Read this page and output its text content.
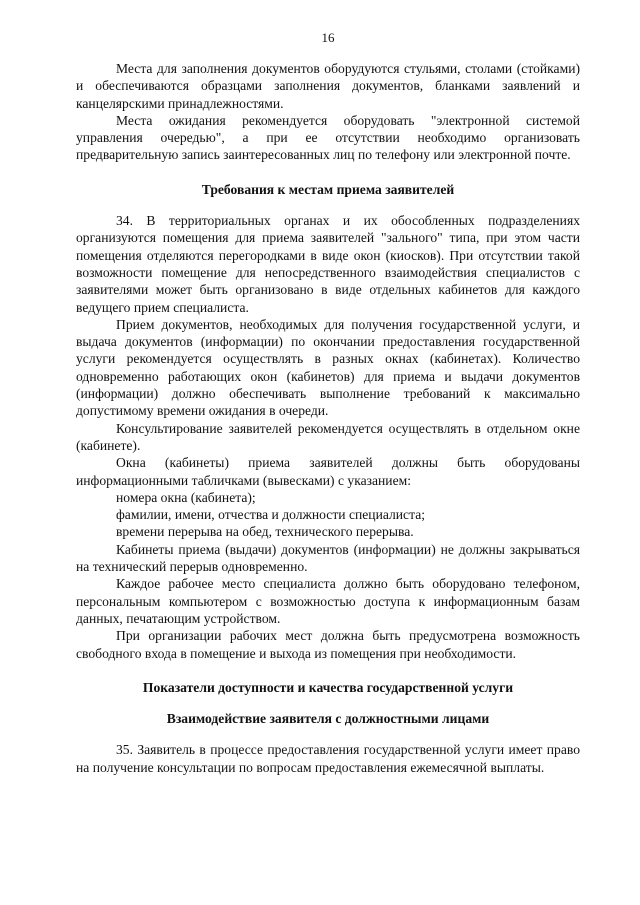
16

Места для заполнения документов оборудуются стульями, столами (стойками) и обеспечиваются образцами заполнения документов, бланками заявлений и канцелярскими принадлежностями.

Места ожидания рекомендуется оборудовать "электронной системой управления очередью", а при ее отсутствии необходимо организовать предварительную запись заинтересованных лиц по телефону или электронной почте.

Требования к местам приема заявителей

34. В территориальных органах и их обособленных подразделениях организуются помещения для приема заявителей "зального" типа, при этом части помещения отделяются перегородками в виде окон (киосков). При отсутствии такой возможности помещение для непосредственного взаимодействия специалистов с заявителями может быть организовано в виде отдельных кабинетов для каждого ведущего прием специалиста.

Прием документов, необходимых для получения государственной услуги, и выдача документов (информации) по окончании предоставления государственной услуги рекомендуется осуществлять в разных окнах (кабинетах). Количество одновременно работающих окон (кабинетов) для приема и выдачи документов (информации) должно обеспечивать выполнение требований к максимально допустимому времени ожидания в очереди.

Консультирование заявителей рекомендуется осуществлять в отдельном окне (кабинете).

Окна (кабинеты) приема заявителей должны быть оборудованы информационными табличками (вывесками) с указанием:

номера окна (кабинета);

фамилии, имени, отчества и должности специалиста;

времени перерыва на обед, технического перерыва.

Кабинеты приема (выдачи) документов (информации) не должны закрываться на технический перерыв одновременно.

Каждое рабочее место специалиста должно быть оборудовано телефоном, персональным компьютером с возможностью доступа к информационным базам данных, печатающим устройством.

При организации рабочих мест должна быть предусмотрена возможность свободного входа в помещение и выхода из помещения при необходимости.

Показатели доступности и качества государственной услуги

Взаимодействие заявителя с должностными лицами

35. Заявитель в процессе предоставления государственной услуги имеет право на получение консультации по вопросам предоставления ежемесячной выплаты.
